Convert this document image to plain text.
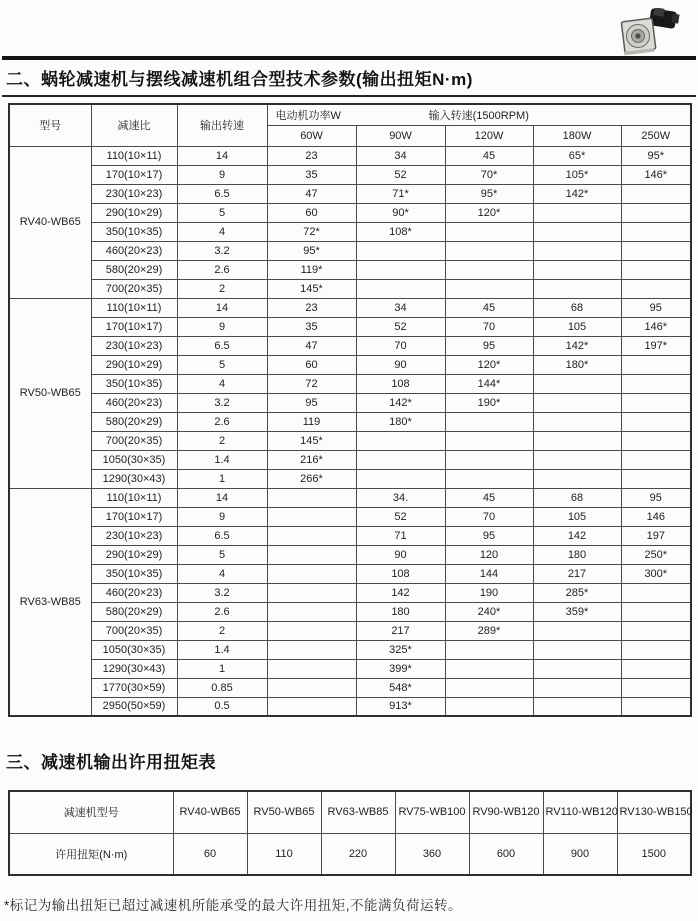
二、蜗轮减速机与摆线减速机组合型技术参数(输出扭矩N·m)
型号	减速比	输出转速	电动机功率W 输入转速(1500RPM)				

			60W	90W	120W	180W	250W
RV40-WB65	110(10×11)	14	23	34	45	65*	95*
	170(10×17)	9	35	52	70*	105*	146*
	230(10×23)	6.5	47	71*	95*	142*	
	290(10×29)	5	60	90*	120*		
	350(10×35)	4	72*	108*			
	460(20×23)	3.2	95*				
	580(20×29)	2.6	119*				
	700(20×35)	2	145*				
RV50-WB65	110(10×11)	14	23	34	45	68	95
	170(10×17)	9	35	52	70	105	146*
	230(10×23)	6.5	47	70	95	142*	197*
	290(10×29)	5	60	90	120*	180*	
	350(10×35)	4	72	108	144*		
	460(20×23)	3.2	95	142*	190*		
	580(20×29)	2.6	119	180*			
	700(20×35)	2	145*				
	1050(30×35)	1.4	216*				
	1290(30×43)	1	266*				
RV63-WB85	110(10×11)	14		34.	45	68	95
	170(10×17)	9		52	70	105	146
	230(10×23)	6.5		71	95	142	197
	290(10×29)	5		90	120	180	250*
	350(10×35)	4		108	144	217	300*
	460(20×23)	3.2		142	190	285*	
	580(20×29)	2.6		180	240*	359*	
	700(20×35)	2		217	289*		
	1050(30×35)	1.4		325*			
	1290(30×43)	1		399*			
	1770(30×59)	0.85		548*			
	2950(50×59)	0.5		913*			
三、减速机输出许用扭矩表
减速机型号	RV40-WB65	RV50-WB65	RV63-WB85	RV75-WB100	RV90-WB120	RV110-WB120	RV130-WB150
许用扭矩(N·m)	60	110	220	360	600	900	1500
*标记为输出扭矩已超过减速机所能承受的最大许用扭矩,不能满负荷运转。
